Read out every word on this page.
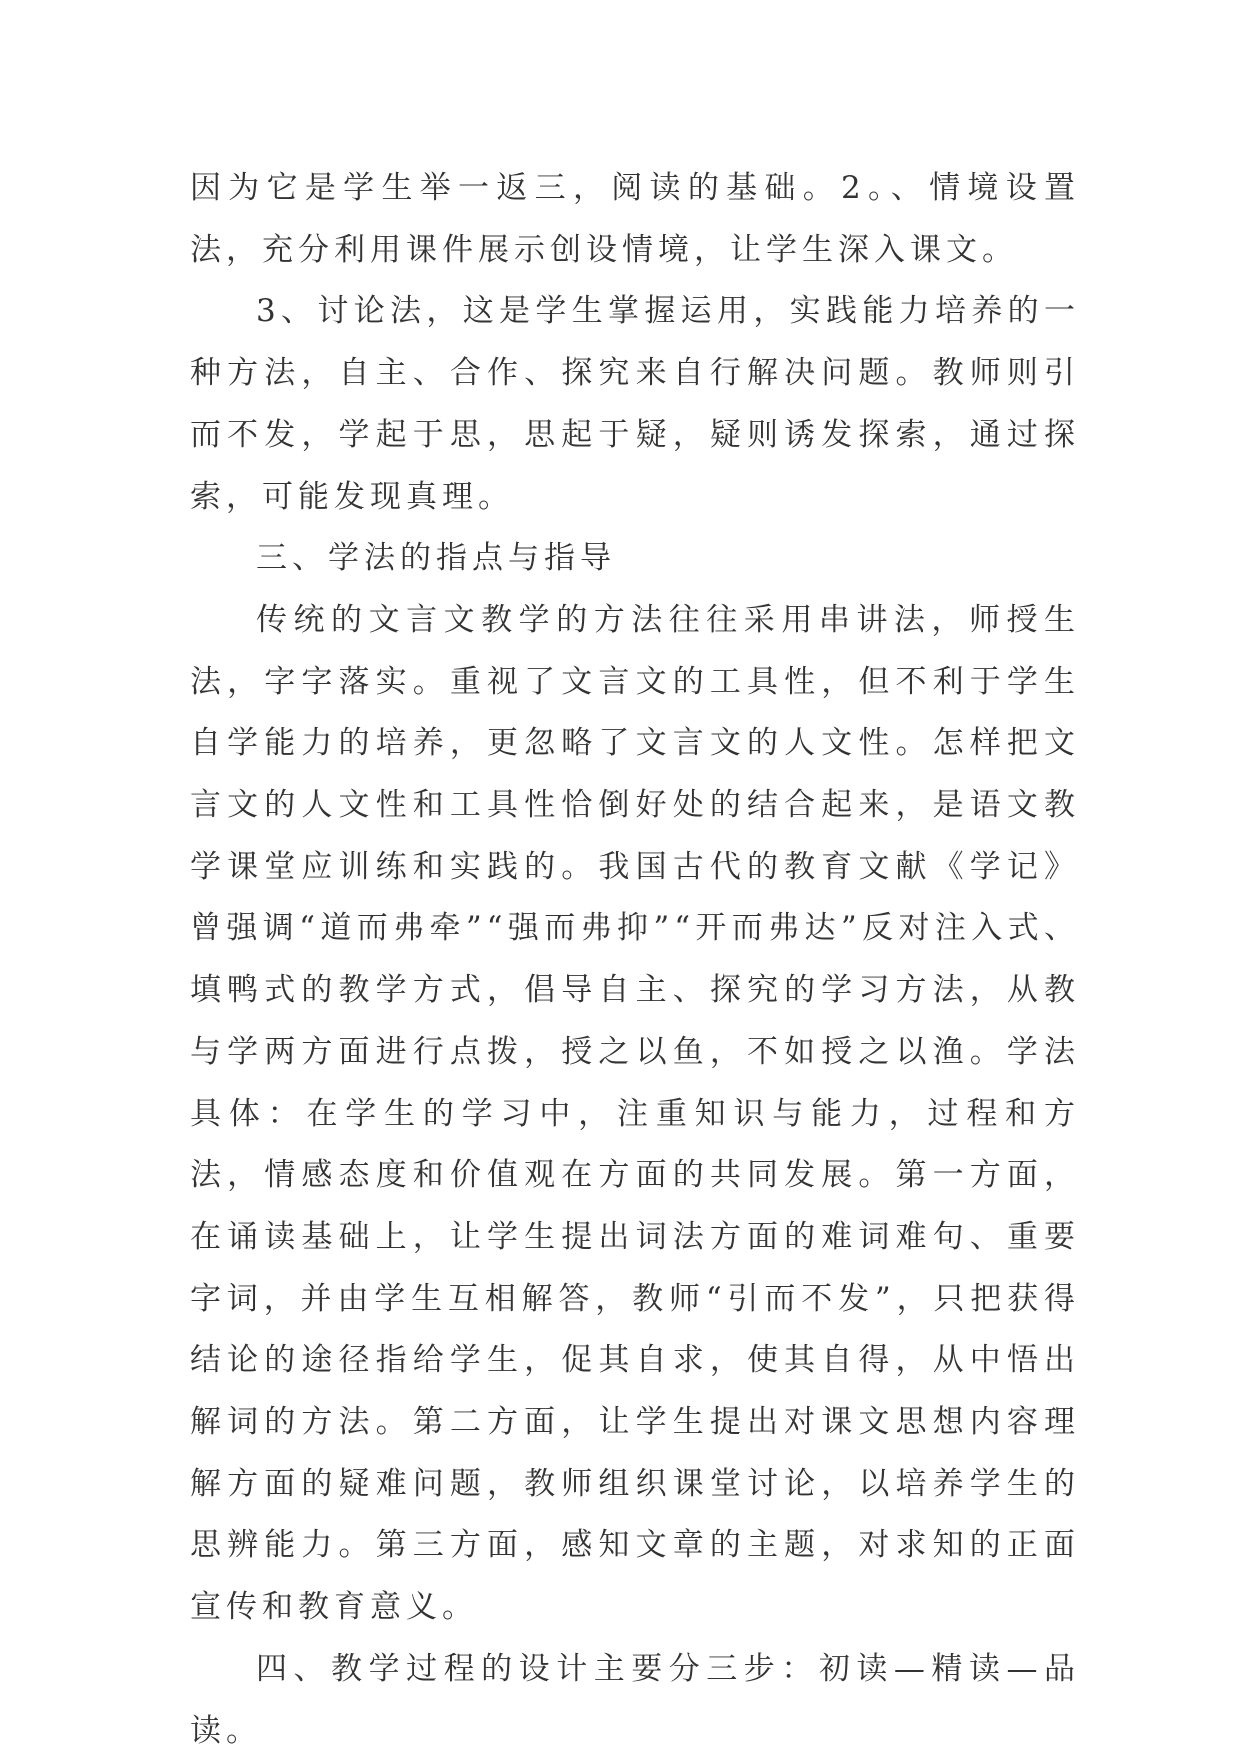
因为它是学生举一返三，阅读的基础。2。、情境设置法，充分利用课件展示创设情境，让学生深入课文。

3、讨论法，这是学生掌握运用，实践能力培养的一种方法，自主、合作、探究来自行解决问题。教师则引而不发，学起于思，思起于疑，疑则诱发探索，通过探索，可能发现真理。

三、学法的指点与指导

传统的文言文教学的方法往往采用串讲法，师授生法，字字落实。重视了文言文的工具性，但不利于学生自学能力的培养，更忽略了文言文的人文性。怎样把文言文的人文性和工具性恰倒好处的结合起来，是语文教学课堂应训练和实践的。我国古代的教育文献《学记》曾强调“道而弗牵”“强而弗抑”“开而弗达”反对注入式、填鸭式的教学方式，倡导自主、探究的学习方法，从教与学两方面进行点拨，授之以鱼，不如授之以渔。学法具体：在学生的学习中，注重知识与能力，过程和方法，情感态度和价值观在方面的共同发展。第一方面，在诵读基础上，让学生提出词法方面的难词难句、重要字词，并由学生互相解答，教师“引而不发”，只把获得结论的途径指给学生，促其自求，使其自得，从中悟出解词的方法。第二方面，让学生提出对课文思想内容理解方面的疑难问题，教师组织课堂讨论，以培养学生的思辨能力。第三方面，感知文章的主题，对求知的正面宣传和教育意义。

四、教学过程的设计主要分三步：初读—精读—品读。
